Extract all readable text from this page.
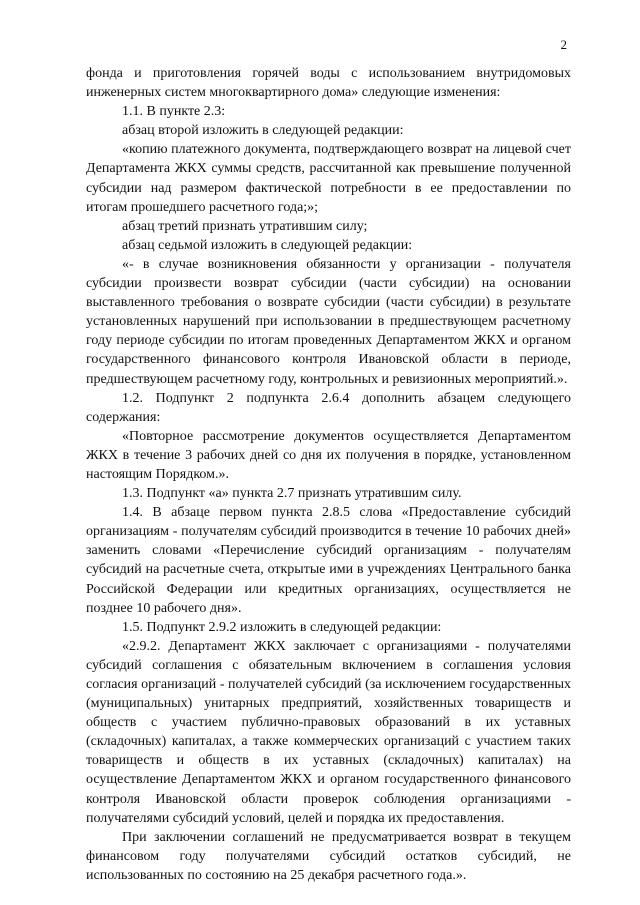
2

фонда и приготовления горячей воды с использованием внутридомовых инженерных систем многоквартирного дома» следующие изменения:

1.1. В пункте 2.3:

абзац второй изложить в следующей редакции:

«копию платежного документа, подтверждающего возврат на лицевой счет Департамента ЖКХ суммы средств, рассчитанной как превышение полученной субсидии над размером фактической потребности в ее предоставлении по итогам прошедшего расчетного года;»;

абзац третий признать утратившим силу;

абзац седьмой изложить в следующей редакции:

«- в случае возникновения обязанности у организации - получателя субсидии произвести возврат субсидии (части субсидии) на основании выставленного требования о возврате субсидии (части субсидии) в результате установленных нарушений при использовании в предшествующем расчетному году периоде субсидии по итогам проведенных Департаментом ЖКХ и органом государственного финансового контроля Ивановской области в периоде, предшествующем расчетному году, контрольных и ревизионных мероприятий.».

1.2. Подпункт 2 подпункта 2.6.4 дополнить абзацем следующего содержания:

«Повторное рассмотрение документов осуществляется Департаментом ЖКХ в течение 3 рабочих дней со дня их получения в порядке, установленном настоящим Порядком.».

1.3. Подпункт «а» пункта 2.7 признать утратившим силу.

1.4. В абзаце первом пункта 2.8.5 слова «Предоставление субсидий организациям - получателям субсидий производится в течение 10 рабочих дней» заменить словами «Перечисление субсидий организациям - получателям субсидий на расчетные счета, открытые ими в учреждениях Центрального банка Российской Федерации или кредитных организациях, осуществляется не позднее 10 рабочего дня».

1.5. Подпункт 2.9.2 изложить в следующей редакции:

«2.9.2. Департамент ЖКХ заключает с организациями - получателями субсидий соглашения с обязательным включением в соглашения условия согласия организаций - получателей субсидий (за исключением государственных (муниципальных) унитарных предприятий, хозяйственных товариществ и обществ с участием публично-правовых образований в их уставных (складочных) капиталах, а также коммерческих организаций с участием таких товариществ и обществ в их уставных (складочных) капиталах) на осуществление Департаментом ЖКХ и органом государственного финансового контроля Ивановской области проверок соблюдения организациями - получателями субсидий условий, целей и порядка их предоставления.

При заключении соглашений не предусматривается возврат в текущем финансовом году получателями субсидий остатков субсидий, не использованных по состоянию на 25 декабря расчетного года.».
